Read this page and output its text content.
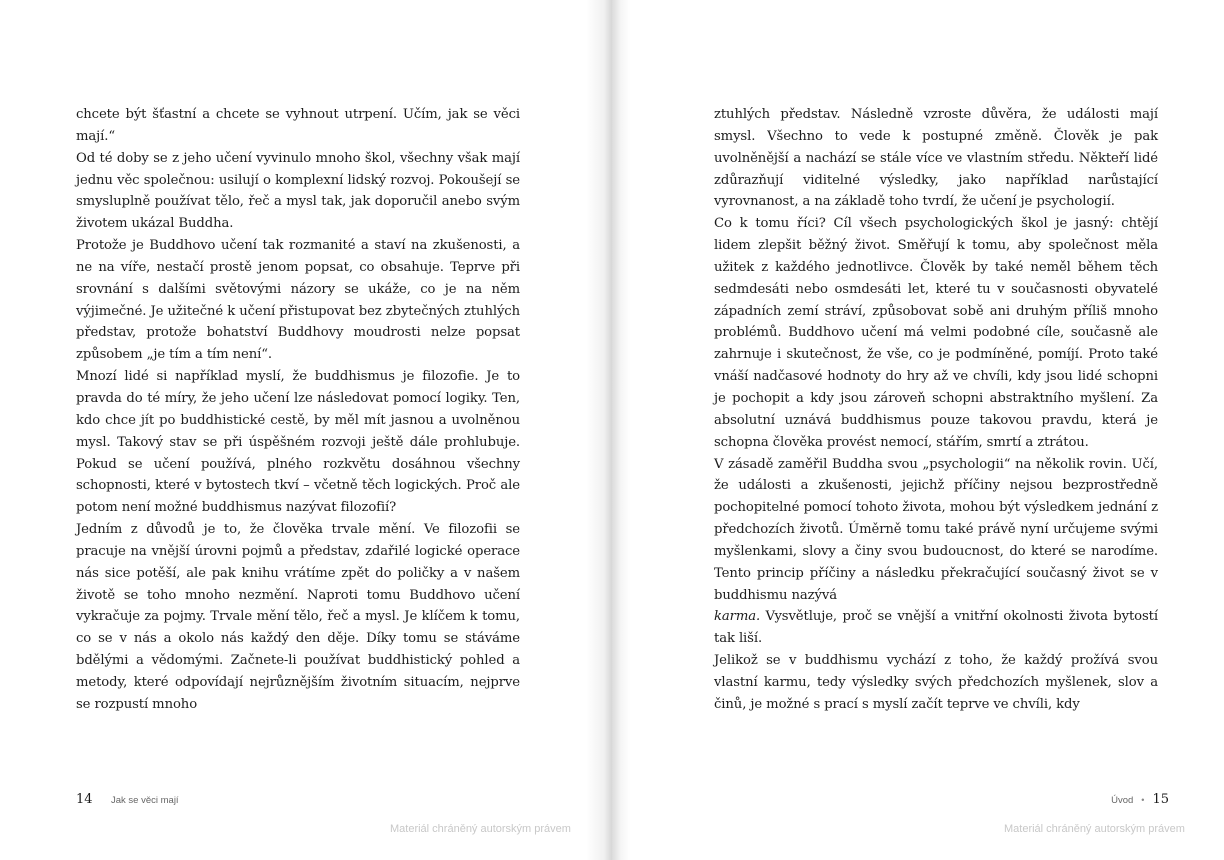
chcete být šťastní a chcete se vyhnout utrpení. Učím, jak se věci mají.“

Od té doby se z jeho učení vyvinulo mnoho škol, všechny však mají jednu věc společnou: usilují o komplexní lidský rozvoj. Pokoušejí se smysluplně používat tělo, řeč a mysl tak, jak doporučil anebo svým životem ukázal Buddha.

Protože je Buddhovo učení tak rozmanité a staví na zkušenosti, a ne na víře, nestačí prostě jenom popsat, co obsahuje. Teprve při srovnání s dalšími světovými názory se ukáže, co je na něm výjimečné. Je užitečné k učení přistupovat bez zbytečných ztuhlých představ, protože bohatství Buddhovy moudrosti nelze popsat způsobem „je tím a tím není“.

Mnozí lidé si například myslí, že buddhismus je filozofie. Je to pravda do té míry, že jeho učení lze následovat pomocí logiky. Ten, kdo chce jít po buddhistické cestě, by měl mít jasnou a uvolněnou mysl. Takový stav se při úspěšném rozvoji ještě dále prohlubuje. Pokud se učení používá, plného rozkvětu dosáhnou všechny schopnosti, které v bytostech tkví – včetně těch logických. Proč ale potom není možné buddhismus nazývat filozofií?

Jedním z důvodů je to, že člověka trvale mění. Ve filozofii se pracuje na vnější úrovni pojmů a představ, zdařilé logické operace nás sice potěší, ale pak knihu vrátíme zpět do poličky a v našem životě se toho mnoho nezmění. Naproti tomu Buddhovo učení vykračuje za pojmy. Trvale mění tělo, řeč a mysl. Je klíčem k tomu, co se v nás a okolo nás každý den děje. Díky tomu se stáváme bdělými a vědomými. Začnete-li používat buddhistický pohled a metody, které odpovídají nejrůznějším životním situacím, nejprve se rozpustí mnoho

14 Jak se věci mají
Materiál chráněný autorským právem

ztuhlých představ. Následně vzroste důvěra, že události mají smysl. Všechno to vede k postupné změně. Člověk je pak uvolněnější a nachází se stále více ve vlastním středu. Někteří lidé zdůrazňují viditelné výsledky, jako například narůstající vyrovnanost, a na základě toho tvrdí, že učení je psychologií.

Co k tomu říci? Cíl všech psychologických škol je jasný: chtějí lidem zlepšit běžný život. Směřují k tomu, aby společnost měla užitek z každého jednotlivce. Člověk by také neměl během těch sedmdesáti nebo osmdesáti let, které tu v současnosti obyvatelé západních zemí stráví, způsobovat sobě ani druhým příliš mnoho problémů. Buddhovo učení má velmi podobné cíle, současně ale zahrnuje i skutečnost, že vše, co je podmíněné, pomíjí. Proto také vnáší nadčasové hodnoty do hry až ve chvíli, kdy jsou lidé schopni je pochopit a kdy jsou zároveň schopni abstraktního myšlení. Za absolutní uznává buddhismus pouze takovou pravdu, která je schopna člověka provést nemocí, stářím, smrtí a ztrátou.

V zásadě zaměřil Buddha svou „psychologii“ na několik rovin. Učí, že události a zkušenosti, jejichž příčiny nejsou bezprostředně pochopitelné pomocí tohoto života, mohou být výsledkem jednání z předchozích životů. Úměrně tomu také právě nyní určujeme svými myšlenkami, slovy a činy svou budoucnost, do které se narodíme. Tento princip příčiny a následku překračující současný život se v buddhismu nazývá
karma. Vysvětluje, proč se vnější a vnitřní okolnosti života bytostí tak liší.

Jelikož se v buddhismu vychází z toho, že každý prožívá svou vlastní karmu, tedy výsledky svých předchozích myšlenek, slov a činů, je možné s prací s myslí začít teprve ve chvíli, kdy

Úvod • 15
Materiál chráněný autorským právem
